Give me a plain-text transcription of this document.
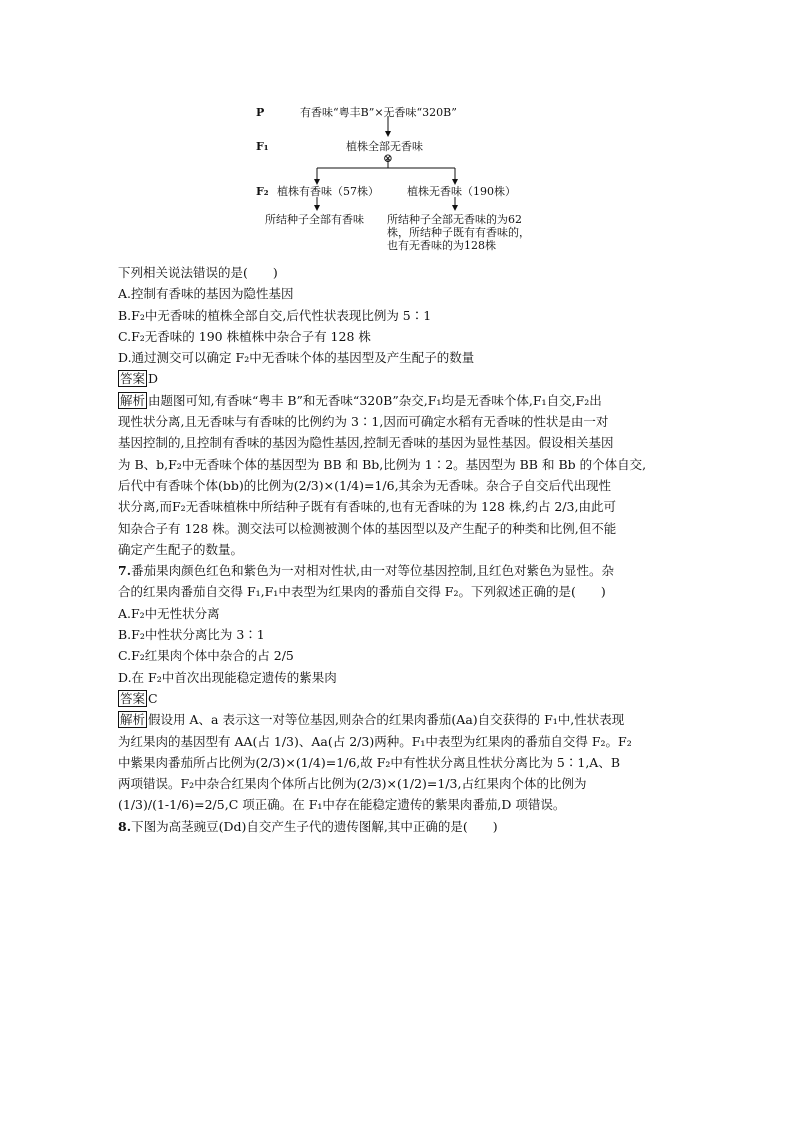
P	有香味“粤丰B”×无香味“320B”
F₁	植株全部无香味
⊗
F₂ 植株有香味（57株）	植株无香味（190株）
所结种子全部有香味 所结种子全部无香味的为62
株，所结种子既有有香味的，
也有无香味的为128株
下列相关说法错误的是(　　)
A.控制有香味的基因为隐性基因
B.F₂中无香味的植株全部自交,后代性状表现比例为 5∶1
C.F₂无香味的 190 株植株中杂合子有 128 株
D.通过测交可以确定 F₂中无香味个体的基因型及产生配子的数量
答案 D
解析 由题图可知,有香味“粤丰 B”和无香味“320B”杂交,F₁均是无香味个体,F₁自交,F₂出
现性状分离,且无香味与有香味的比例约为 3∶1,因而可确定水稻有无香味的性状是由一对
基因控制的,且控制有香味的基因为隐性基因,控制无香味的基因为显性基因。假设相关基因
为 B、b,F₂中无香味个体的基因型为 BB 和 Bb,比例为 1∶2。基因型为 BB 和 Bb 的个体自交,
后代中有香味个体(bb)的比例为(2/3)×(1/4)=1/6,其余为无香味。杂合子自交后代出现性
状分离,而F₂无香味植株中所结种子既有有香味的,也有无香味的为 128 株,约占 2/3,由此可
知杂合子有 128 株。测交法可以检测被测个体的基因型以及产生配子的种类和比例,但不能
确定产生配子的数量。
7.番茄果肉颜色红色和紫色为一对相对性状,由一对等位基因控制,且红色对紫色为显性。杂
合的红果肉番茄自交得 F₁,F₁中表型为红果肉的番茄自交得 F₂。下列叙述正确的是(　　)
A.F₂中无性状分离
B.F₂中性状分离比为 3∶1
C.F₂红果肉个体中杂合的占 2/5
D.在 F₂中首次出现能稳定遗传的紫果肉
答案 C
解析 假设用 A、a 表示这一对等位基因,则杂合的红果肉番茄(Aa)自交获得的 F₁中,性状表现
为红果肉的基因型有 AA(占 1/3)、Aa(占 2/3)两种。F₁中表型为红果肉的番茄自交得 F₂。F₂
中紫果肉番茄所占比例为(2/3)×(1/4)=1/6,故 F₂中有性状分离且性状分离比为 5∶1,A、B
两项错误。F₂中杂合红果肉个体所占比例为(2/3)×(1/2)=1/3,占红果肉个体的比例为
(1/3)/(1-1/6)=2/5,C 项正确。在 F₁中存在能稳定遗传的紫果肉番茄,D 项错误。
8.下图为高茎豌豆(Dd)自交产生子代的遗传图解,其中正确的是(　　)
